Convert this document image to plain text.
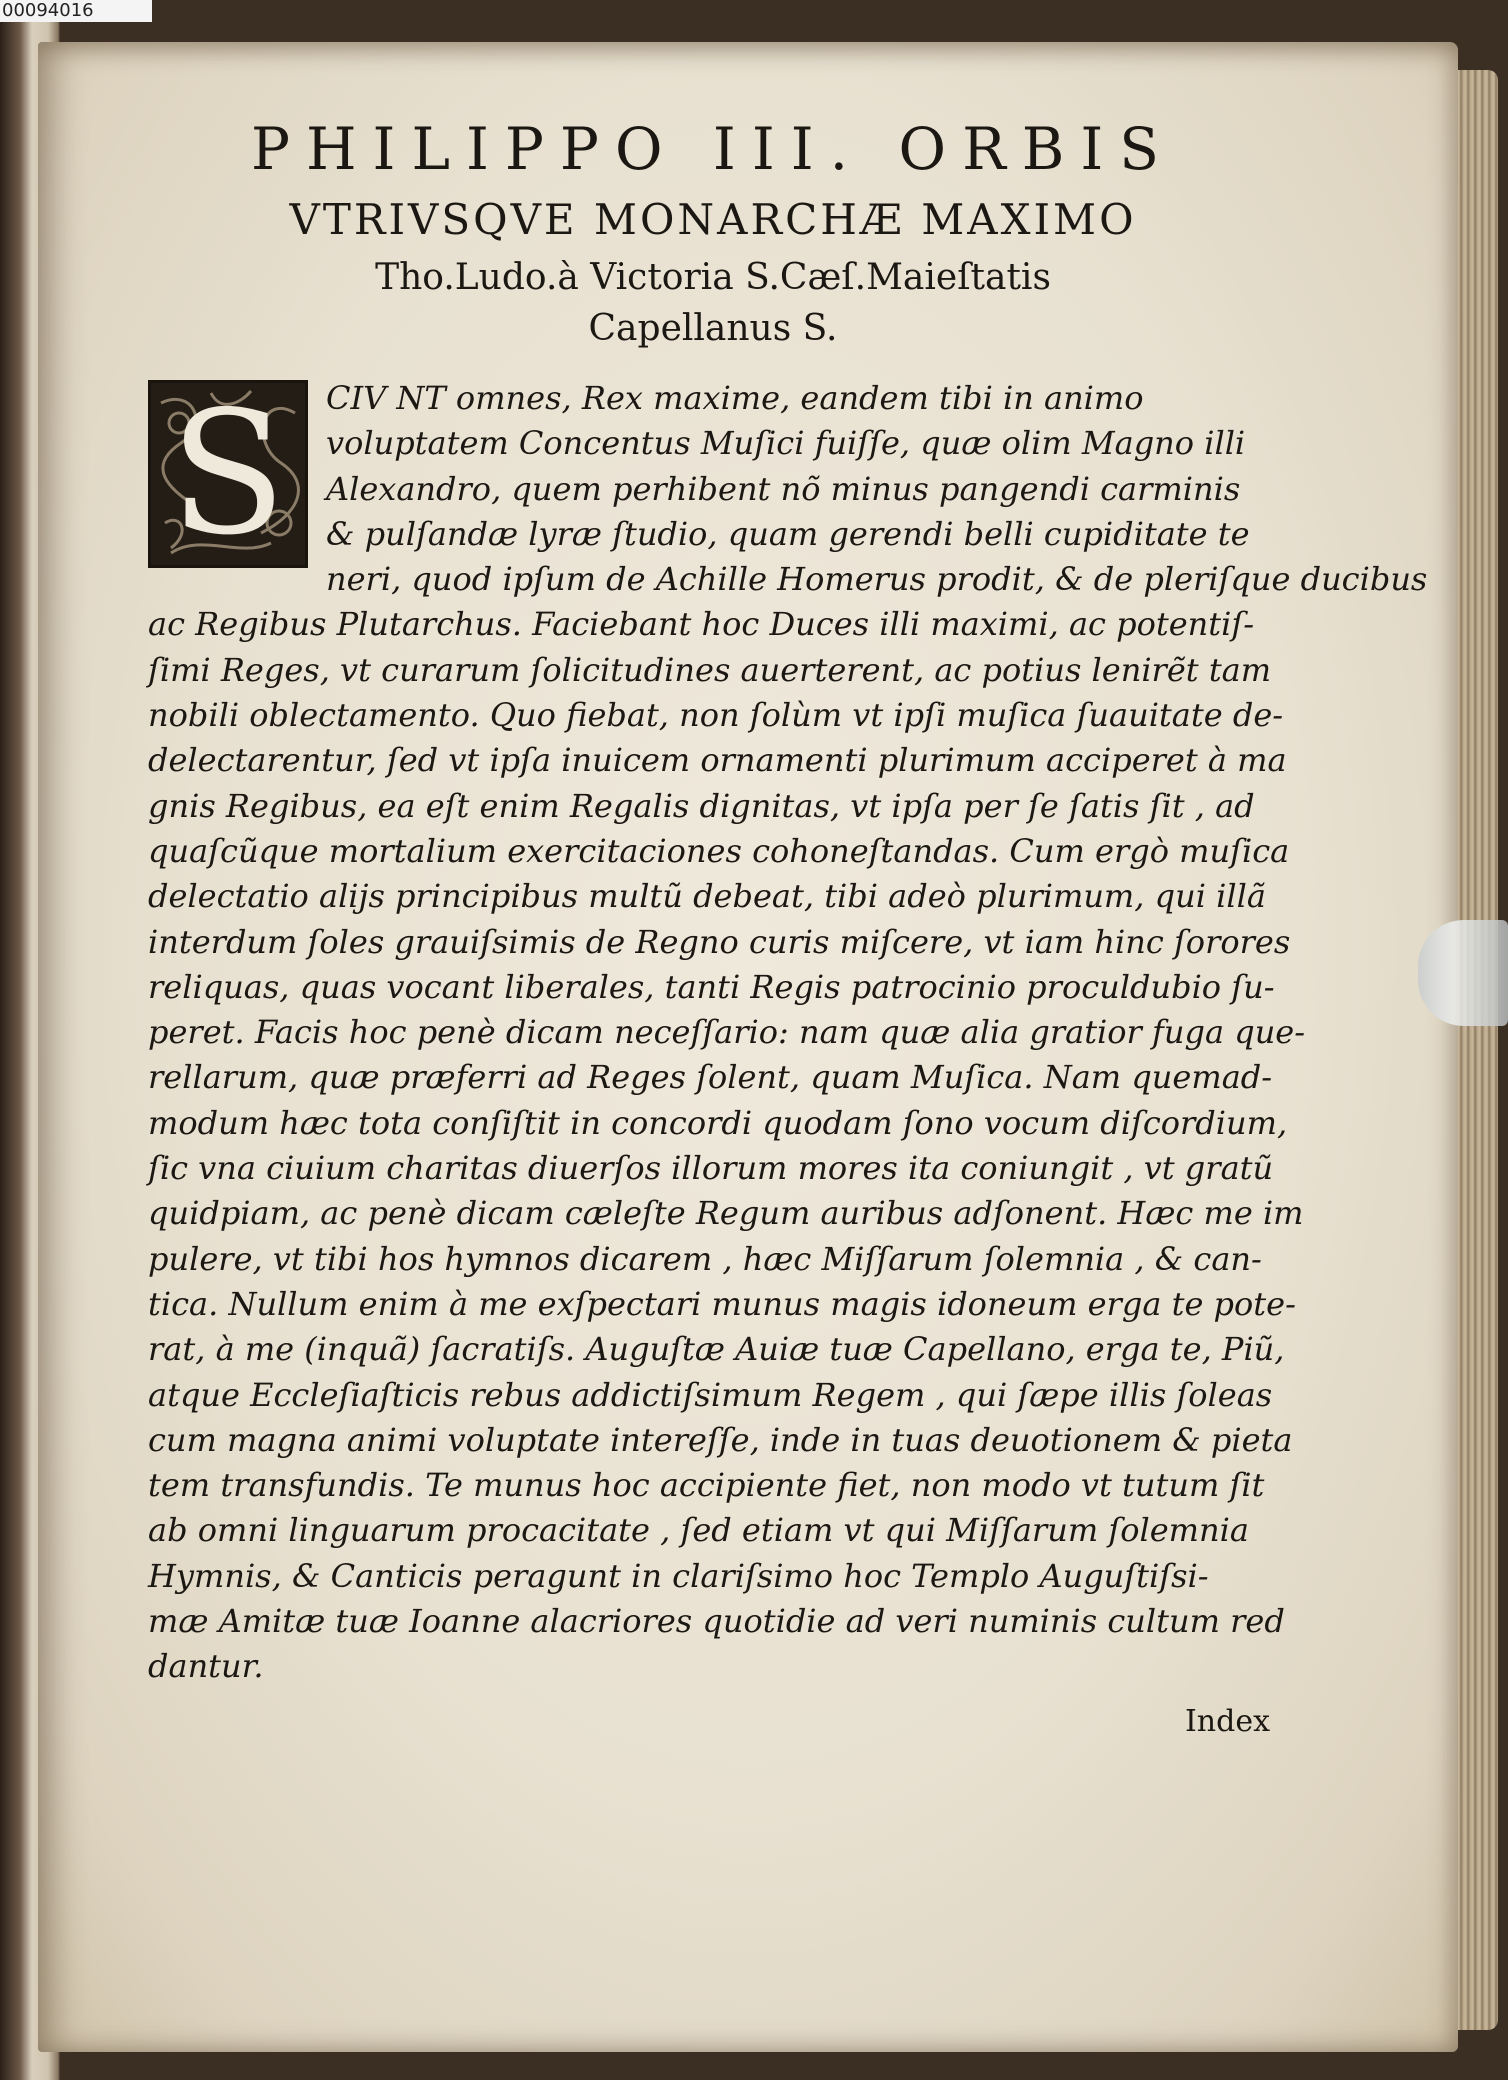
00094016

PHILIPPO III. ORBIS

VTRIVSQVE MONARCHÆ MAXIMO

Tho.Ludo.à Victoria S.Cæſ.Maieſtatis

Capellanus S.

S	CIV NT omnes, Rex maxime, eandem tibi in animo
voluptatem Concentus Muſici fuiſſe, quæ olim Magno illi
Alexandro, quem perhibent nõ minus pangendi carminis
& pulſandæ lyræ ſtudio, quam gerendi belli cupiditate te
neri, quod ipſum de Achille Homerus prodit, & de pleriſque ducibus
ac Regibus Plutarchus. Faciebant hoc Duces illi maximi, ac potentiſ-
ſimi Reges, vt curarum ſolicitudines auerterent, ac potius lenirẽt tam
nobili oblectamento. Quo fiebat, non ſolùm vt ipſi muſica ſuauitate de-
delectarentur, ſed vt ipſa inuicem ornamenti plurimum acciperet à ma
gnis Regibus, ea eſt enim Regalis dignitas, vt ipſa per ſe ſatis ſit , ad
quaſcũque mortalium exercitaciones cohoneſtandas. Cum ergò muſica
delectatio alijs principibus multũ debeat, tibi adeò plurimum, qui illã
interdum ſoles grauiſsimis de Regno curis miſcere, vt iam hinc ſorores
reliquas, quas vocant liberales, tanti Regis patrocinio proculdubio ſu-
peret. Facis hoc penè dicam neceſſario: nam quæ alia gratior fuga que-
rellarum, quæ præferri ad Reges ſolent, quam Muſica. Nam quemad-
modum hæc tota conſiſtit in concordi quodam ſono vocum diſcordium,
ſic vna ciuium charitas diuerſos illorum mores ita coniungit , vt gratũ
quidpiam, ac penè dicam cæleſte Regum auribus adſonent. Hæc me im
pulere, vt tibi hos hymnos dicarem , hæc Miſſarum ſolemnia , & can-
tica. Nullum enim à me exſpectari munus magis idoneum erga te pote-
rat, à me (inquã) ſacratiſs. Auguſtæ Auiæ tuæ Capellano, erga te, Piũ,
atque Eccleſiaſticis rebus addictiſsimum Regem , qui ſæpe illis ſoleas
cum magna animi voluptate intereſſe, inde in tuas deuotionem & pieta
tem transfundis. Te munus hoc accipiente fiet, non modo vt tutum ſit
ab omni linguarum procacitate , ſed etiam vt qui Miſſarum ſolemnia
Hymnis, & Canticis peragunt in clariſsimo hoc Templo Auguſtiſsi-
mæ Amitæ tuæ Ioanne alacriores quotidie ad veri numinis cultum red
dantur.
Index
